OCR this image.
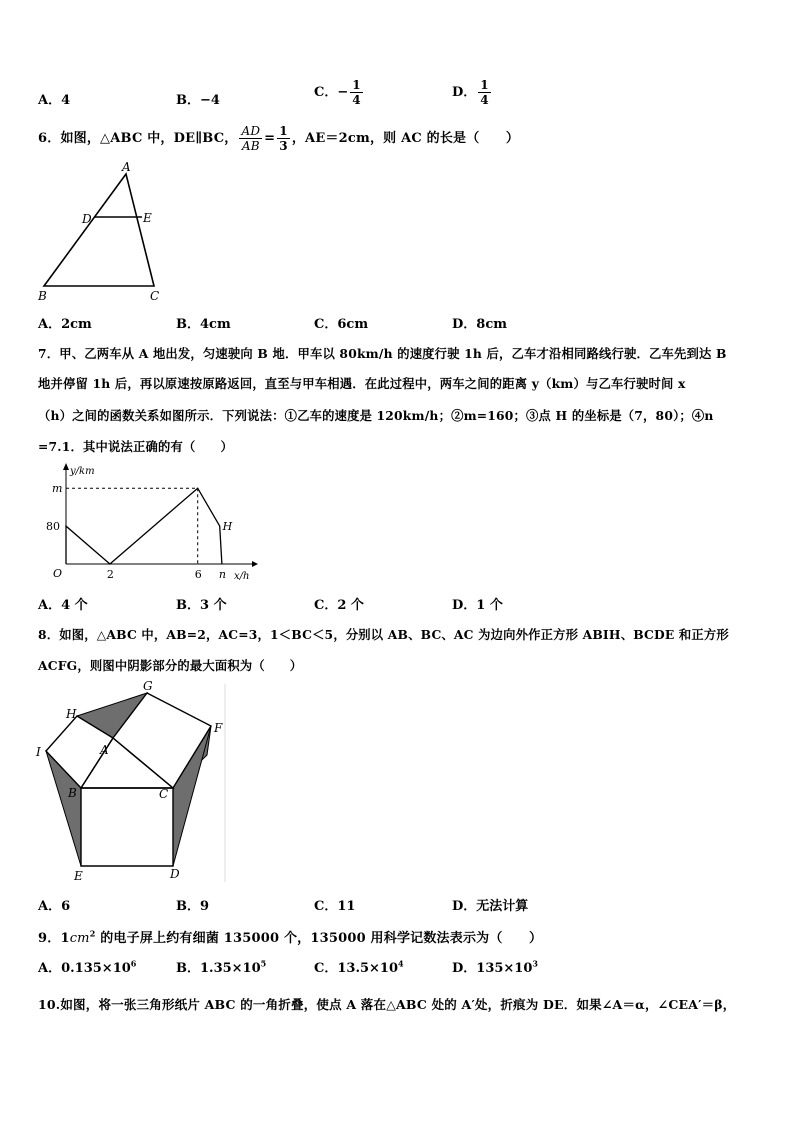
A．4	B．−4
C．− $\frac{1}{4}$	D． $\frac{1}{4}$
6．如图，△ABC 中，DE∥BC， $\frac{AD}{AB} = \frac{1}{3}$ ，AE＝2cm，则 AC 的长是（　　）
A
D	E
B	C
A．2cm	B．4cm	C．6cm	D．8cm
7．甲、乙两车从 A 地出发，匀速驶向 B 地．甲车以 80km/h 的速度行驶 1h 后，乙车才沿相同路线行驶．乙车先到达 B
地并停留 1h 后，再以原速按原路返回，直至与甲车相遇．在此过程中，两车之间的距离 y（km）与乙车行驶时间 x
（h）之间的函数关系如图所示．下列说法：①乙车的速度是 120km/h；②m=160；③点 H 的坐标是（7，80）；④n
=7.1．其中说法正确的有（　　）
y/km
x/h
80
m
O	2	6 n
H
A．4 个	B．3 个	C．2 个	D．1 个
8．如图，△ABC 中，AB=2，AC=3，1＜BC＜5，分别以 AB、BC、AC 为边向外作正方形 ABIH、BCDE 和正方形
ACFG，则图中阴影部分的最大面积为（　　）
G
H
I	A
B	C
F
E	D
A．6	B．9	C．11	D．无法计算
9．$1cm^2$ 的电子屏上约有细菌 135000 个，135000 用科学记数法表示为（　　）
A．$0.135\times 10^6$	B．$1.35\times 10^5$	C．$13.5\times 10^4$	D．$135\times 10^3$
10.如图，将一张三角形纸片 ABC 的一角折叠，使点 A 落在△ABC 处的 A′处，折痕为 DE．如果∠A＝α，∠CEA′＝β，
